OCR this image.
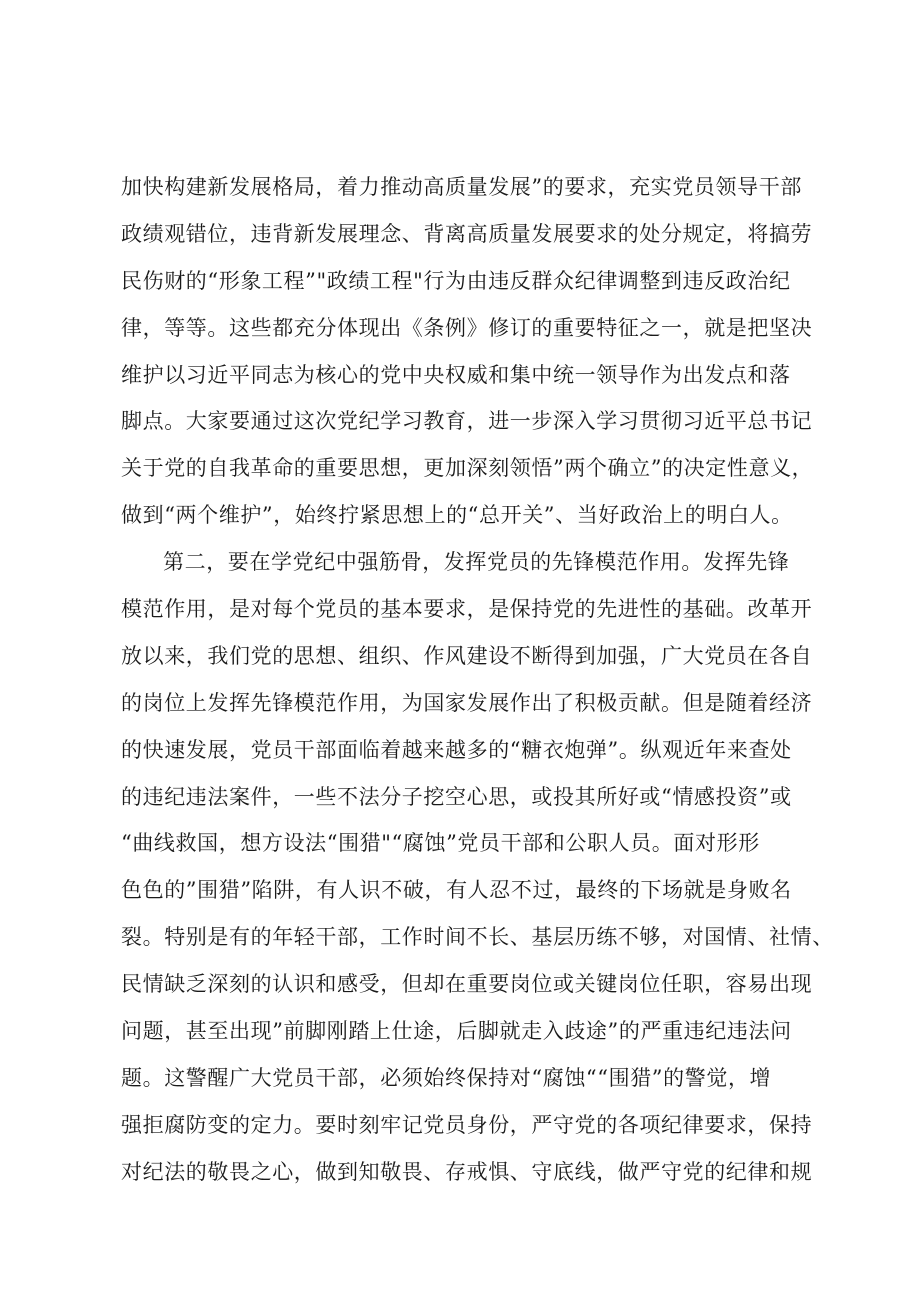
加快构建新发展格局，着力推动高质量发展”的要求，充实党员领导干部
政绩观错位，违背新发展理念、背离高质量发展要求的处分规定，将搞劳
民伤财的“形象工程”"政绩工程"行为由违反群众纪律调整到违反政治纪
律，等等。这些都充分体现出《条例》修订的重要特征之一，就是把坚决
维护以习近平同志为核心的党中央权威和集中统一领导作为出发点和落
脚点。大家要通过这次党纪学习教育，进一步深入学习贯彻习近平总书记
关于党的自我革命的重要思想，更加深刻领悟”两个确立”的决定性意义，
做到“两个维护”，始终拧紧思想上的“总开关”、当好政治上的明白人。
第二，要在学党纪中强筋骨，发挥党员的先锋模范作用。发挥先锋
模范作用，是对每个党员的基本要求，是保持党的先进性的基础。改革开
放以来，我们党的思想、组织、作风建设不断得到加强，广大党员在各自
的岗位上发挥先锋模范作用，为国家发展作出了积极贡献。但是随着经济
的快速发展，党员干部面临着越来越多的“糖衣炮弹”。纵观近年来查处
的违纪违法案件，一些不法分子挖空心思，或投其所好或“情感投资”或
“曲线救国，想方设法“围猎"“腐蚀”党员干部和公职人员。面对形形
色色的”围猎”陷阱，有人识不破，有人忍不过，最终的下场就是身败名
裂。特别是有的年轻干部，工作时间不长、基层历练不够，对国情、社情、
民情缺乏深刻的认识和感受，但却在重要岗位或关键岗位任职，容易出现
问题，甚至出现”前脚刚踏上仕途，后脚就走入歧途”的严重违纪违法问
题。这警醒广大党员干部，必须始终保持对“腐蚀““围猎”的警觉，增
强拒腐防变的定力。要时刻牢记党员身份，严守党的各项纪律要求，保持
对纪法的敬畏之心，做到知敬畏、存戒惧、守底线，做严守党的纪律和规
